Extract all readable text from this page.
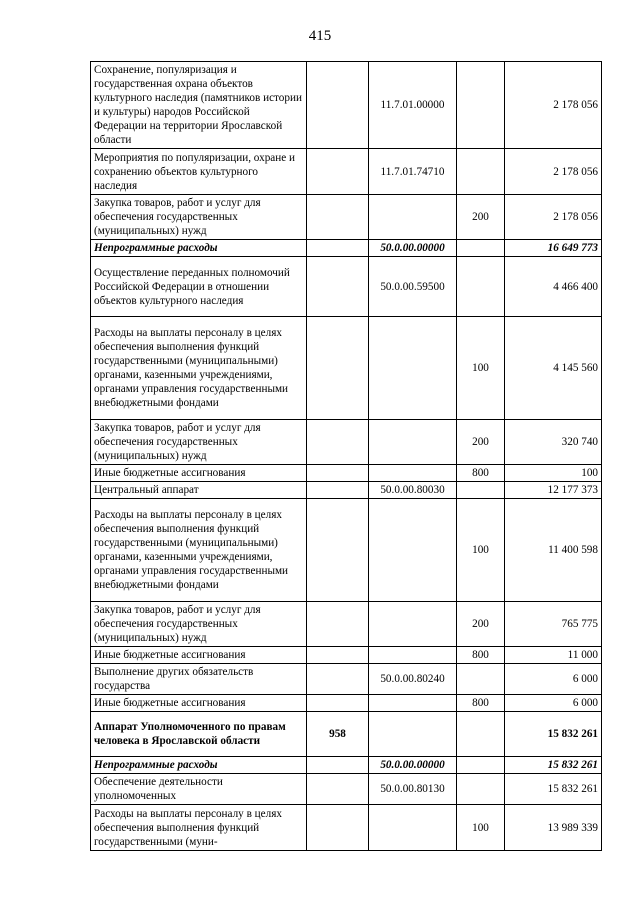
415
Сохранение, популяризация и государственная охрана объектов культурного наследия (памятников истории и культуры) народов Российской Федерации на территории Ярославской области		11.7.01.00000		2 178 056
Мероприятия по популяризации, охране и сохранению объектов культурного наследия		11.7.01.74710		2 178 056
Закупка товаров, работ и услуг для обеспечения государственных (муниципальных) нужд			200	2 178 056
Непрограммные расходы		50.0.00.00000		16 649 773
Осуществление переданных полномочий Российской Федерации в отношении объектов культурного наследия		50.0.00.59500		4 466 400
Расходы на выплаты персоналу в целях обеспечения выполнения функций государственными (муниципальными) органами, казенными учреждениями, органами управления государственными внебюджетными фондами			100	4 145 560
Закупка товаров, работ и услуг для обеспечения государственных (муниципальных) нужд			200	320 740
Иные бюджетные ассигнования			800	100
Центральный аппарат		50.0.00.80030		12 177 373
Расходы на выплаты персоналу в целях обеспечения выполнения функций государственными (муниципальными) органами, казенными учреждениями, органами управления государственными внебюджетными фондами			100	11 400 598
Закупка товаров, работ и услуг для обеспечения государственных (муниципальных) нужд			200	765 775
Иные бюджетные ассигнования			800	11 000
Выполнение других обязательств государства		50.0.00.80240		6 000
Иные бюджетные ассигнования			800	6 000
Аппарат Уполномоченного по правам человека в Ярославской области	958			15 832 261
Непрограммные расходы		50.0.00.00000		15 832 261
Обеспечение деятельности уполномоченных		50.0.00.80130		15 832 261
Расходы на выплаты персоналу в целях обеспечения выполнения функций государственными (муни-			100	13 989 339
